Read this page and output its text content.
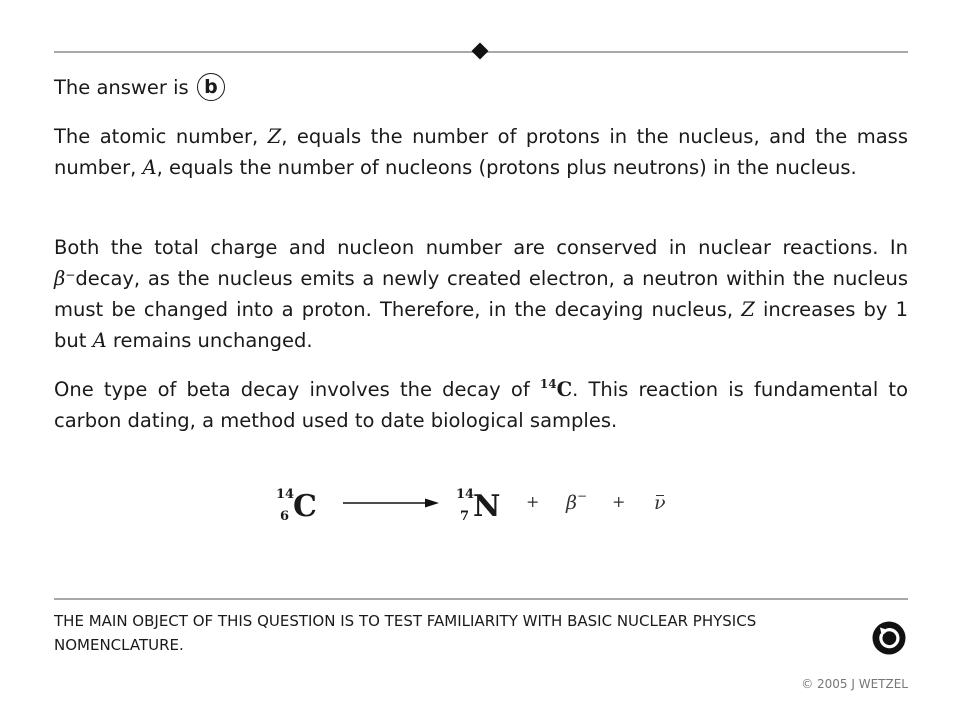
The answer is b

The atomic number, Z, equals the number of protons in the nucleus, and the mass number, A, equals the number of nucleons (protons plus neutrons) in the nucleus.

Both the total charge and nucleon number are conserved in nuclear reactions. In β−decay, as the nucleus emits a newly created electron, a neutron within the nucleus must be changed into a proton. Therefore, in the decaying nucleus, Z increases by 1 but A remains unchanged.

One type of beta decay involves the decay of $^{14}$C. This reaction is fundamental to carbon dating, a method used to date biological samples.

14
6 C	14
7 N + β− + ν

THE MAIN OBJECT OF THIS QUESTION IS TO TEST FAMILIARITY WITH BASIC NUCLEAR PHYSICS NOMENCLATURE.

© 2005 J WETZEL
